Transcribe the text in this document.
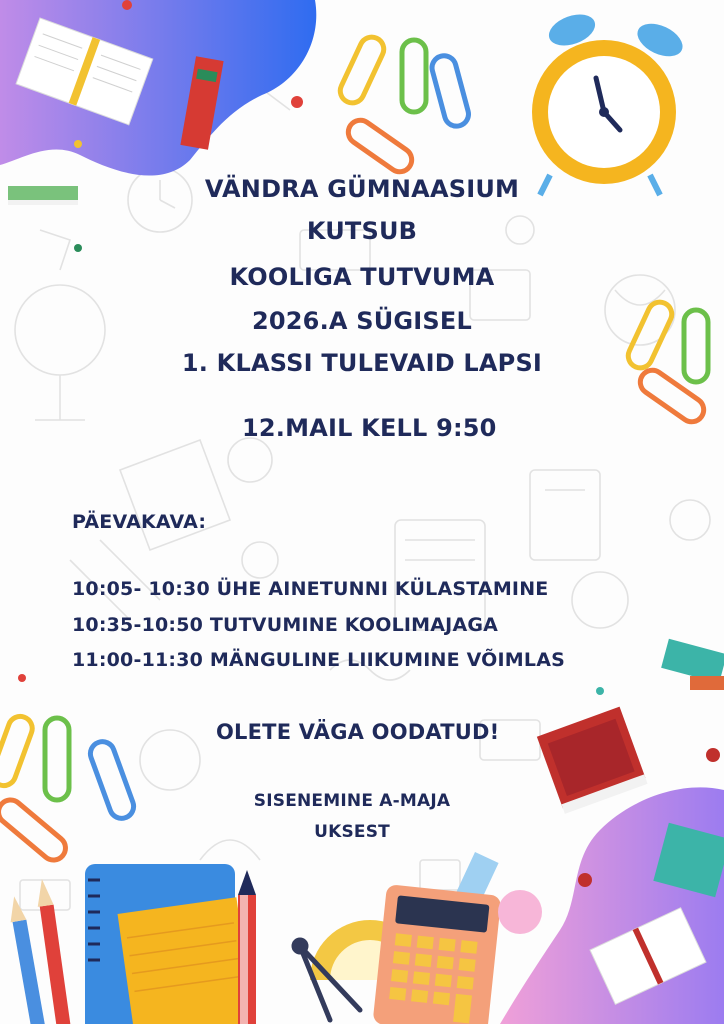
VÄNDRA GÜMNAASIUM
KUTSUB
KOOLIGA TUTVUMA
2026.A SÜGISEL
1. KLASSI TULEVAID LAPSI
12.MAIL KELL 9:50
PÄEVAKAVA:
10:05- 10:30 ÜHE AINETUNNI KÜLASTAMINE
10:35-10:50 TUTVUMINE KOOLIMAJAGA
11:00-11:30 MÄNGULINE LIIKUMINE VÕIMLAS
OLETE VÄGA OODATUD!
SISENEMINE A-MAJA
UKSEST
